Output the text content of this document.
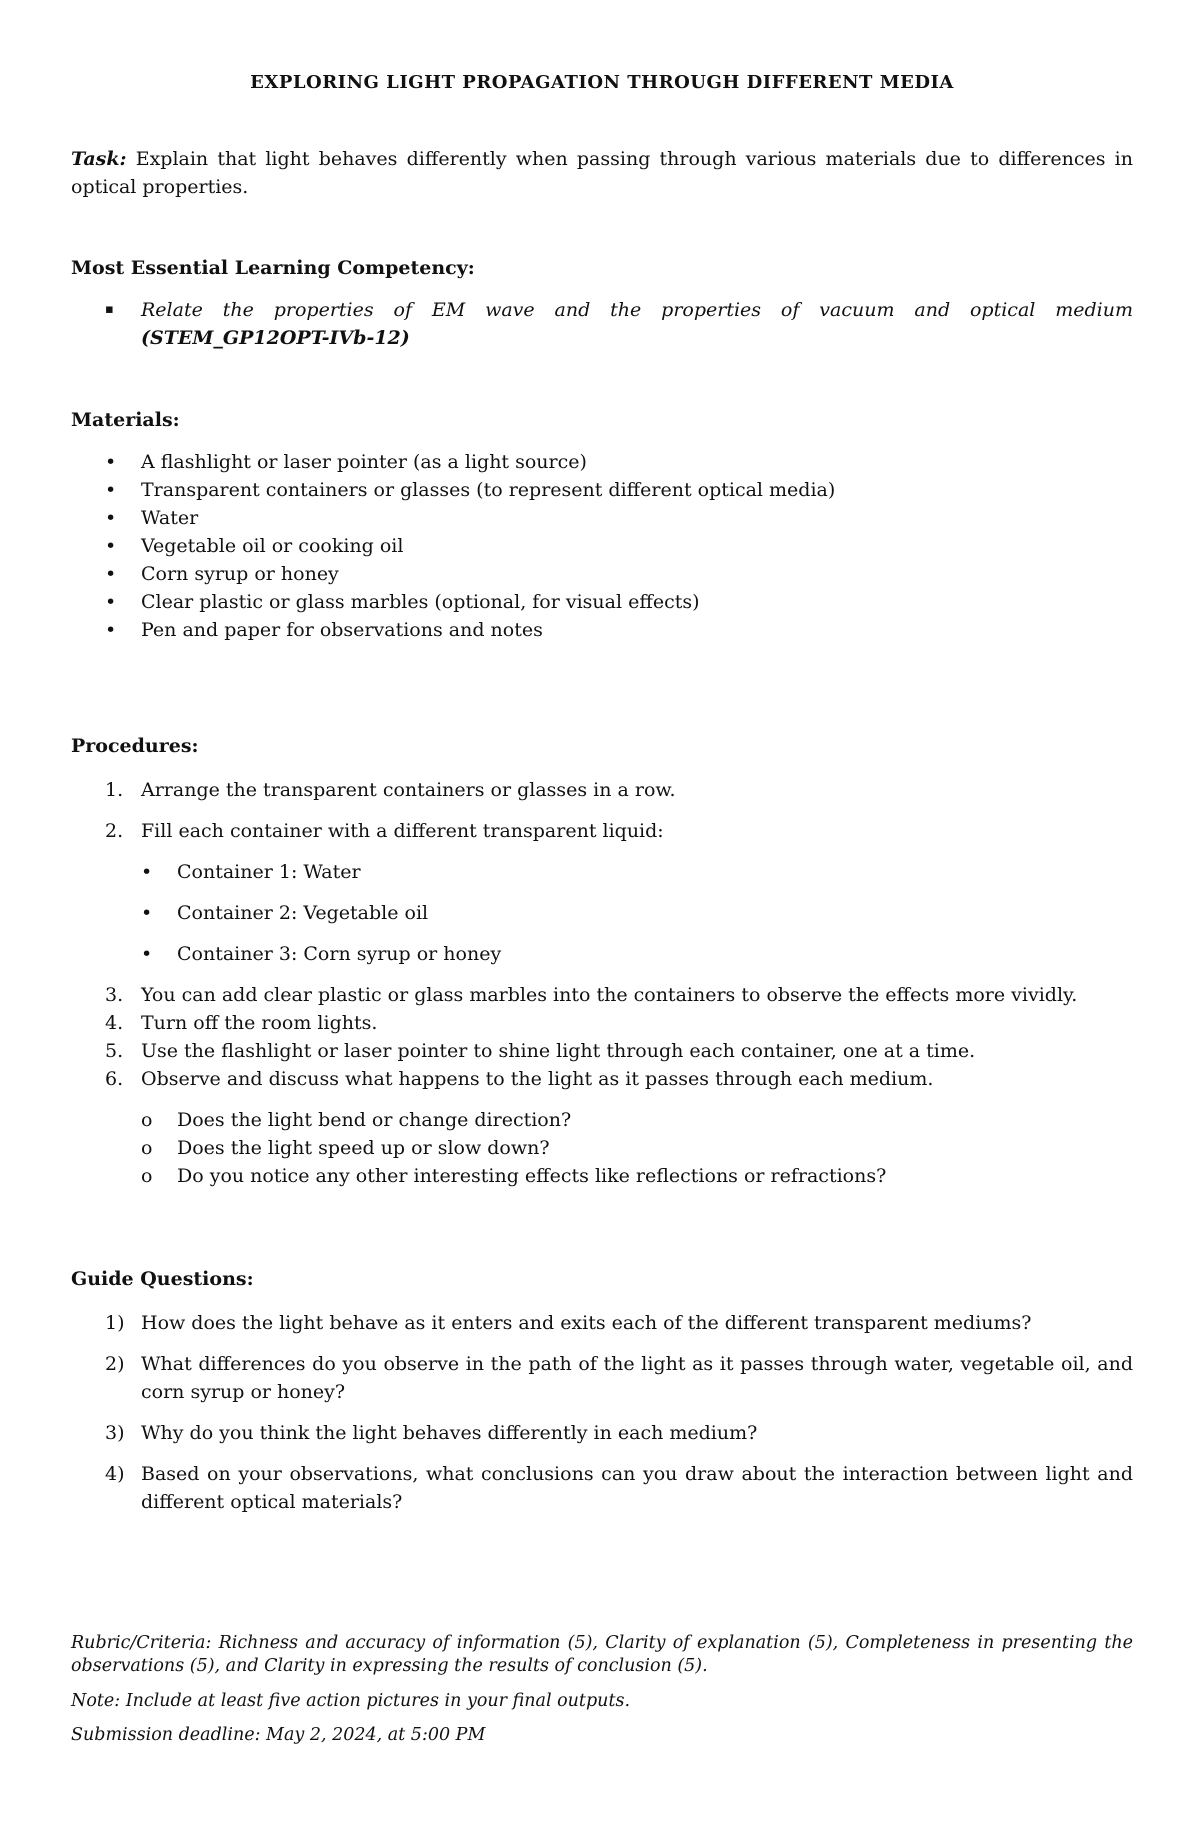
EXPLORING LIGHT PROPAGATION THROUGH DIFFERENT MEDIA
Task: Explain that light behaves differently when passing through various materials due to differences in optical properties.
Most Essential Learning Competency:
▪ Relate the properties of EM wave and the properties of vacuum and optical medium (STEM_GP12OPT-IVb-12)
Materials:
• A flashlight or laser pointer (as a light source)
• Transparent containers or glasses (to represent different optical media)
• Water
• Vegetable oil or cooking oil
• Corn syrup or honey
• Clear plastic or glass marbles (optional, for visual effects)
• Pen and paper for observations and notes
Procedures:
1. Arrange the transparent containers or glasses in a row.
2. Fill each container with a different transparent liquid:
• Container 1: Water
• Container 2: Vegetable oil
• Container 3: Corn syrup or honey
3. You can add clear plastic or glass marbles into the containers to observe the effects more vividly.
4. Turn off the room lights.
5. Use the flashlight or laser pointer to shine light through each container, one at a time.
6. Observe and discuss what happens to the light as it passes through each medium.
o Does the light bend or change direction?
o Does the light speed up or slow down?
o Do you notice any other interesting effects like reflections or refractions?
Guide Questions:
1) How does the light behave as it enters and exits each of the different transparent mediums?
2) What differences do you observe in the path of the light as it passes through water, vegetable oil, and corn syrup or honey?
3) Why do you think the light behaves differently in each medium?
4) Based on your observations, what conclusions can you draw about the interaction between light and different optical materials?
Rubric/Criteria: Richness and accuracy of information (5), Clarity of explanation (5), Completeness in presenting the observations (5), and Clarity in expressing the results of conclusion (5).
Note: Include at least five action pictures in your final outputs.
Submission deadline: May 2, 2024, at 5:00 PM
